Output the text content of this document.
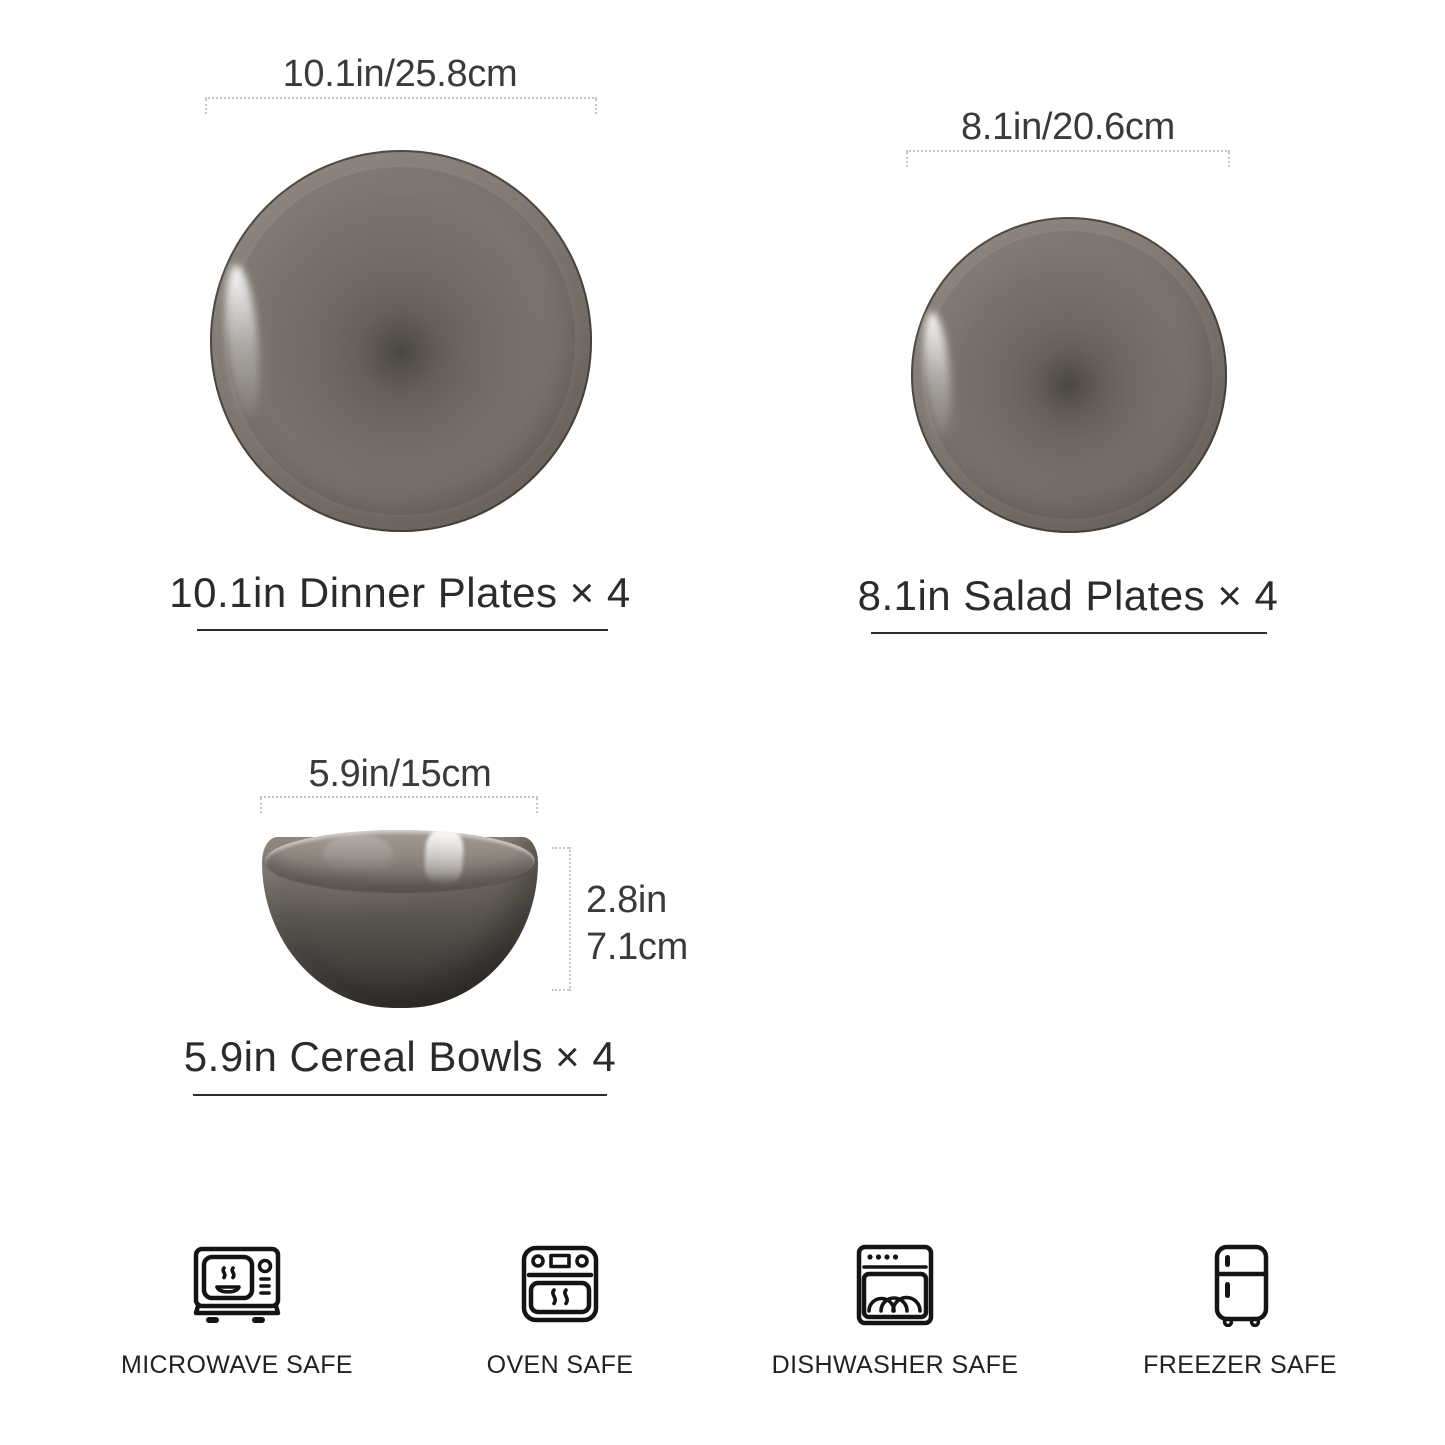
10.1in/25.8cm
10.1in Dinner Plates × 4
8.1in/20.6cm
8.1in Salad Plates × 4
5.9in/15cm
2.8in
7.1cm
5.9in Cereal Bowls × 4
MICROWAVE SAFE	OVEN SAFE	DISHWASHER SAFE	FREEZER SAFE
